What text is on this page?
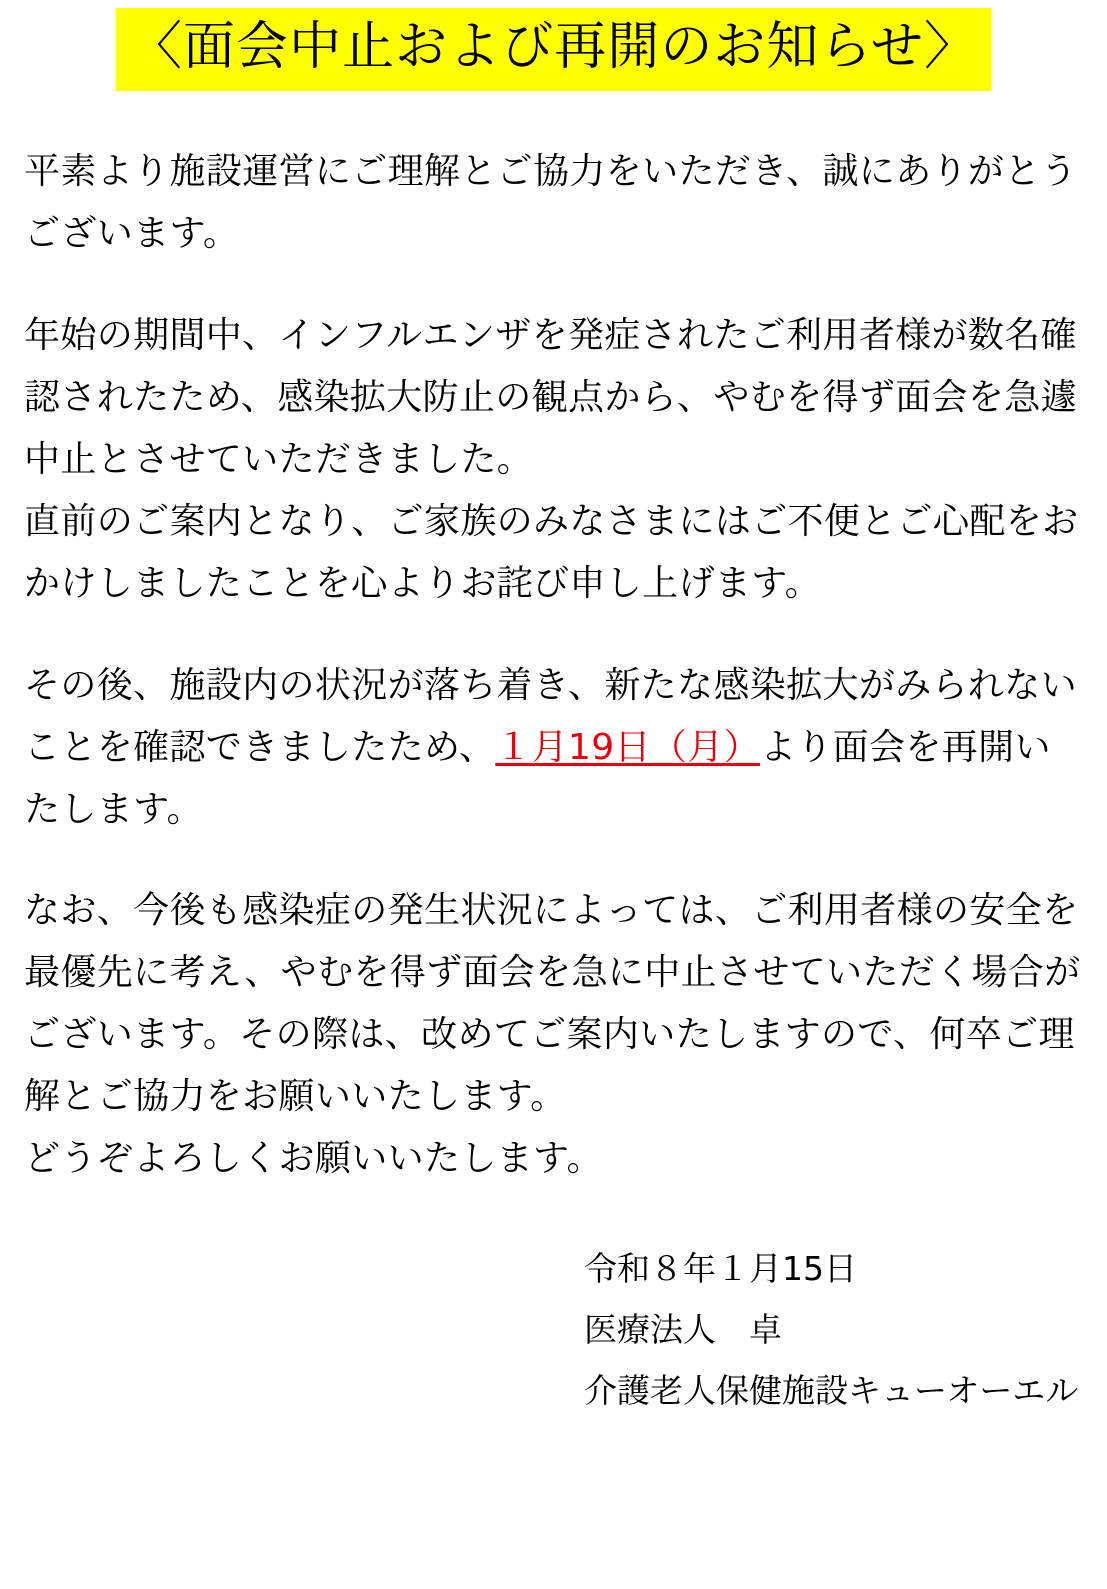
〈面会中止および再開のお知らせ〉

平素より施設運営にご理解とご協力をいただき、誠にありがとうございます。

年始の期間中、インフルエンザを発症されたご利用者様が数名確認されたため、感染拡大防止の観点から、やむを得ず面会を急遽中止とさせていただきました。

直前のご案内となり、ご家族のみなさまにはご不便とご心配をおかけしましたことを心よりお詫び申し上げます。

その後、施設内の状況が落ち着き、新たな感染拡大がみられないことを確認できましたため、１月19日（月）より面会を再開いたします。

なお、今後も感染症の発生状況によっては、ご利用者様の安全を最優先に考え、やむを得ず面会を急に中止させていただく場合がございます。その際は、改めてご案内いたしますので、何卒ご理解とご協力をお願いいたします。

どうぞよろしくお願いいたします。

令和８年１月15日
医療法人　卓
介護老人保健施設キューオーエル
